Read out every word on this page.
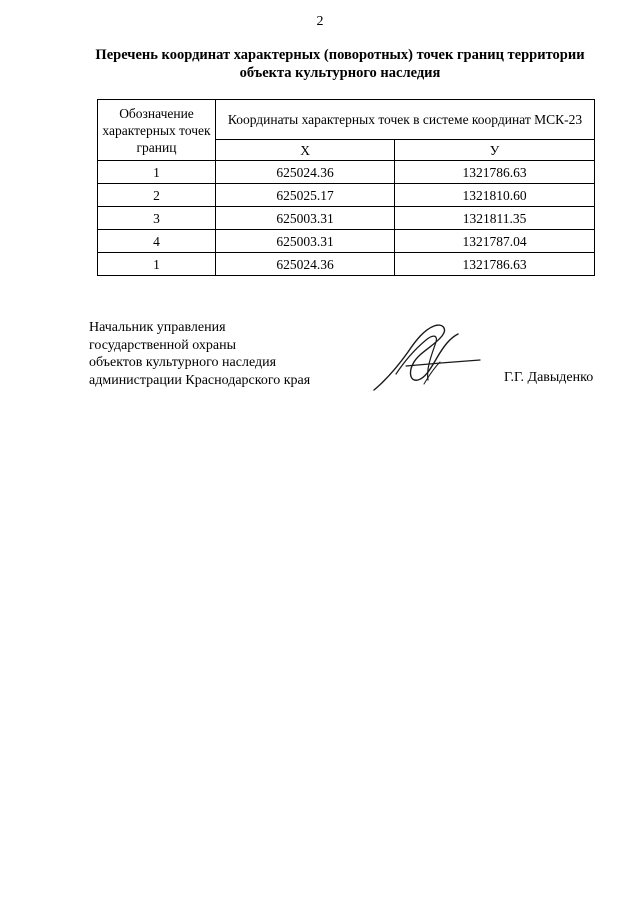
2
Перечень координат характерных (поворотных) точек границ территории
объекта культурного наследия
Обозначение характерных точек границ	Координаты характерных точек в системе координат МСК-23	
	Х	У
1	625024.36	1321786.63
2	625025.17	1321810.60
3	625003.31	1321811.35
4	625003.31	1321787.04
1	625024.36	1321786.63
Начальник управления
государственной охраны
объектов культурного наследия
администрации Краснодарского края	Г.Г. Давыденко
